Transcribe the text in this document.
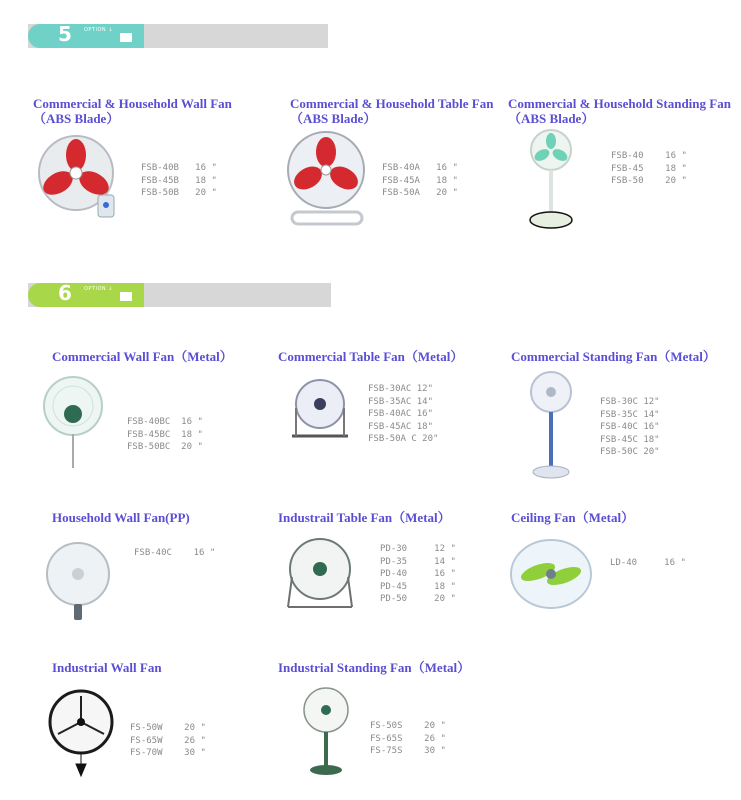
5 OPTION ↓
6 OPTION ↓
Commercial & Household Wall Fan
（ABS Blade）
FSB-40B   16 "
FSB-45B   18 "
FSB-50B   20 "
Commercial & Household Table Fan
（ABS Blade）
FSB-40A   16 "
FSB-45A   18 "
FSB-50A   20 "
Commercial & Household Standing Fan
（ABS Blade）
FSB-40    16 "
FSB-45    18 "
FSB-50    20 "
Commercial Wall Fan（Metal）
FSB-40BC  16 "
FSB-45BC  18 "
FSB-50BC  20 "
Commercial Table Fan（Metal）
FSB-30AC 12"
FSB-35AC 14"
FSB-40AC 16"
FSB-45AC 18"
FSB-50A C 20"
Commercial Standing Fan（Metal）
FSB-30C 12"
FSB-35C 14"
FSB-40C 16"
FSB-45C 18"
FSB-50C 20"
Household Wall Fan(PP)
FSB-40C    16 "
Industrail Table Fan（Metal）
PD-30     12 "
PD-35     14 "
PD-40     16 "
PD-45     18 "
PD-50     20 "
Ceiling Fan（Metal）
LD-40     16 "
Industrial Wall Fan
FS-50W    20 "
FS-65W    26 "
FS-70W    30 "
Industrial Standing Fan（Metal）
FS-50S    20 "
FS-65S    26 "
FS-75S    30 "
